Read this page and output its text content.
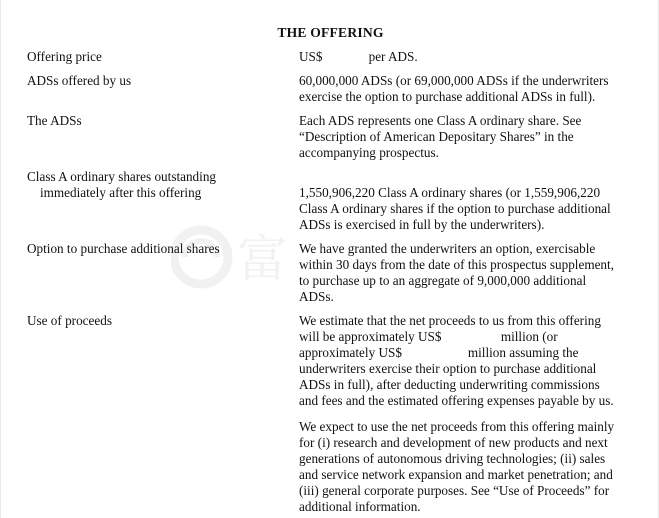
富
THE OFFERING
Offering price	US$              per ADS.
ADSs offered by us	60,000,000 ADSs (or 69,000,000 ADSs if the underwriters
exercise the option to purchase additional ADSs in full).
The ADSs	Each ADS represents one Class A ordinary share. See
“Description of American Depositary Shares” in the
accompanying prospectus.
Class A ordinary shares outstanding
immediately after this offering	1,550,906,220 Class A ordinary shares (or 1,559,906,220
Class A ordinary shares if the option to purchase additional
ADSs is exercised in full by the underwriters).
Option to purchase additional shares	We have granted the underwriters an option, exercisable
within 30 days from the date of this prospectus supplement,
to purchase up to an aggregate of 9,000,000 additional
ADSs.
Use of proceeds	We estimate that the net proceeds to us from this offering
will be approximately US$                  million (or
approximately US$                    million assuming the
underwriters exercise their option to purchase additional
ADSs in full), after deducting underwriting commissions
and fees and the estimated offering expenses payable by us.
We expect to use the net proceeds from this offering mainly
for (i) research and development of new products and next
generations of autonomous driving technologies; (ii) sales
and service network expansion and market penetration; and
(iii) general corporate purposes. See “Use of Proceeds” for
additional information.
